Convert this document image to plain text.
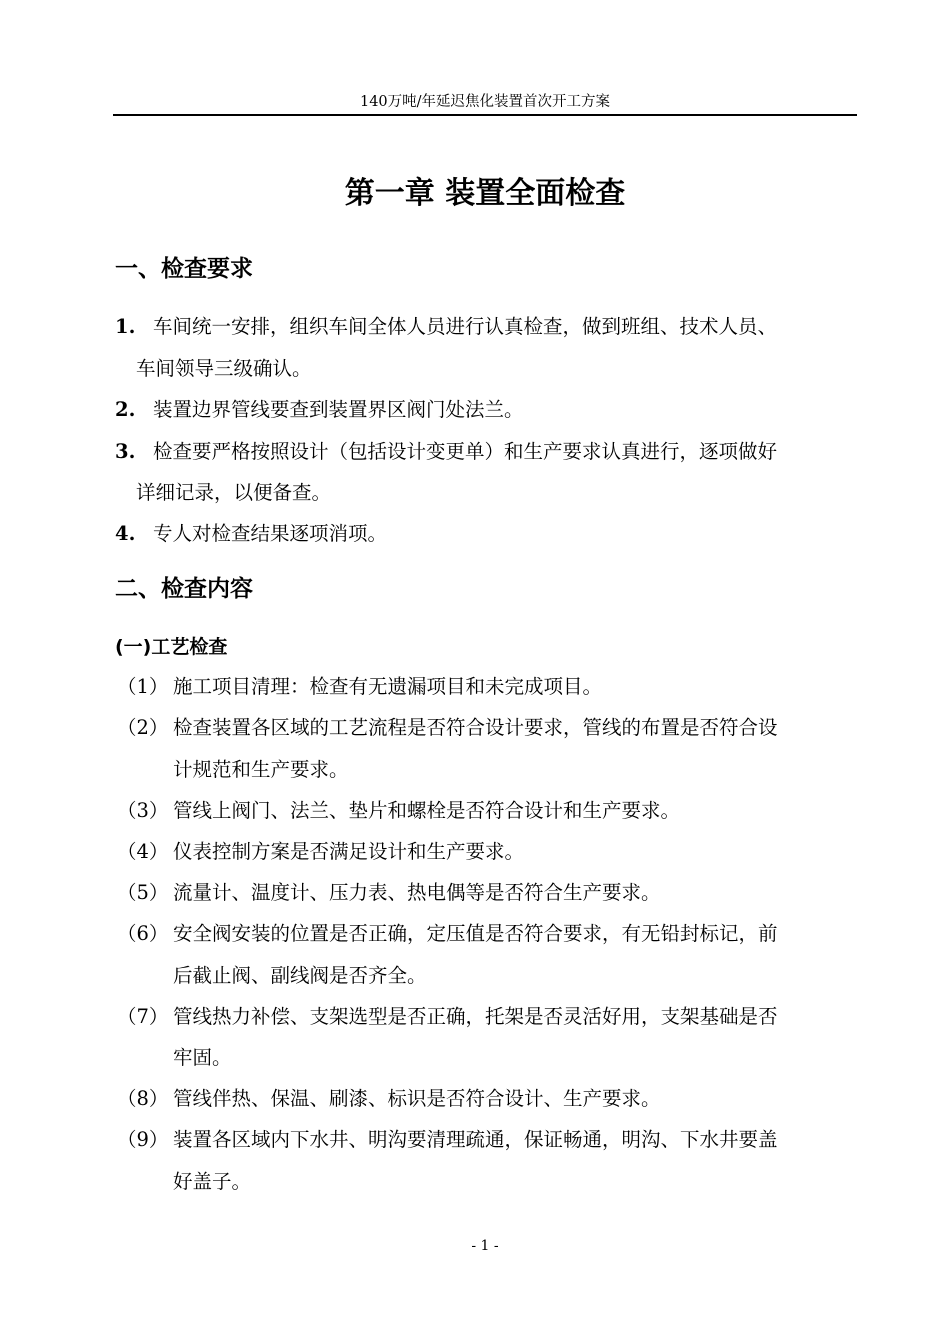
140万吨/年延迟焦化装置首次开工方案
第一章 装置全面检查
一、检查要求
1. 车间统一安排，组织车间全体人员进行认真检查，做到班组、技术人员、
车间领导三级确认。
2. 装置边界管线要查到装置界区阀门处法兰。
3. 检查要严格按照设计（包括设计变更单）和生产要求认真进行，逐项做好
详细记录，以便备查。
4. 专人对检查结果逐项消项。
二、检查内容
(一)工艺检查
（1） 施工项目清理：检查有无遗漏项目和未完成项目。
（2） 检查装置各区域的工艺流程是否符合设计要求，管线的布置是否符合设
计规范和生产要求。
（3） 管线上阀门、法兰、垫片和螺栓是否符合设计和生产要求。
（4） 仪表控制方案是否满足设计和生产要求。
（5） 流量计、温度计、压力表、热电偶等是否符合生产要求。
（6） 安全阀安装的位置是否正确，定压值是否符合要求，有无铅封标记，前
后截止阀、副线阀是否齐全。
（7） 管线热力补偿、支架选型是否正确，托架是否灵活好用，支架基础是否
牢固。
（8） 管线伴热、保温、刷漆、标识是否符合设计、生产要求。
（9） 装置各区域内下水井、明沟要清理疏通，保证畅通，明沟、下水井要盖
好盖子。
- 1 -
